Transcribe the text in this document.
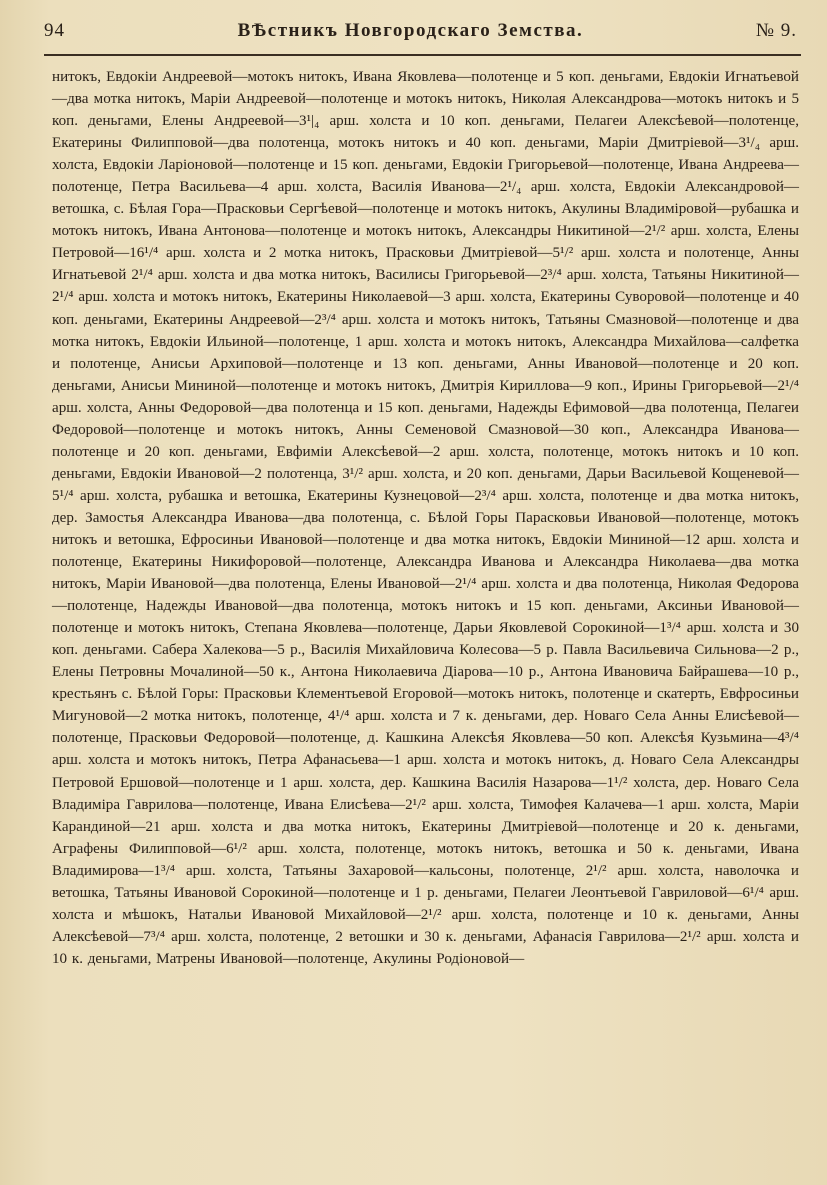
94	ВѢстникъ Новгородскаго Земства.	№ 9.

нитокъ, Евдокіи Андреевой—мотокъ нитокъ, Ивана Яковлева—полотенце и 5 коп. деньгами, Евдокіи Игнатьевой—два мотка нитокъ, Маріи Андреевой—полотенце и мотокъ нитокъ, Николая Александрова—мотокъ нитокъ и 5 коп. деньгами, Елены Андреевой—3¹|₄ арш. холста и 10 коп. деньгами, Пелагеи Алексѣевой—полотенце, Екатерины Филипповой—два полотенца, мотокъ нитокъ и 40 коп. деньгами, Маріи Дмитріевой—3¹/₄ арш. холста, Евдокіи Ларіоновой—полотенце и 15 коп. деньгами, Евдокіи Григорьевой—полотенце, Ивана Андреева—полотенце, Петра Васильева—4 арш. холста, Василія Иванова—2¹/₄ арш. холста, Евдокіи Александровой—ветошка, с. Бѣлая Гора—Прасковьи Сергѣевой—полотенце и мотокъ нитокъ, Акулины Владиміровой—рубашка и мотокъ нитокъ, Ивана Антонова—полотенце и мотокъ нитокъ, Александры Никитиной—2¹/² арш. холста, Елены Петровой—16¹/⁴ арш. холста и 2 мотка нитокъ, Прасковьи Дмитріевой—5¹/² арш. холста и полотенце, Анны Игнатьевой 2¹/⁴ арш. холста и два мотка нитокъ, Василисы Григорьевой—2³/⁴ арш. холста, Татьяны Никитиной—2¹/⁴ арш. холста и мотокъ нитокъ, Екатерины Николаевой—3 арш. холста, Екатерины Суворовой—полотенце и 40 коп. деньгами, Екатерины Андреевой—2³/⁴ арш. холста и мотокъ нитокъ, Татьяны Смазновой—полотенце и два мотка нитокъ, Евдокіи Ильиной—полотенце, 1 арш. холста и мотокъ нитокъ, Александра Михайлова—салфетка и полотенце, Анисьи Архиповой—полотенце и 13 коп. деньгами, Анны Ивановой—полотенце и 20 коп. деньгами, Анисьи Мининой—полотенце и мотокъ нитокъ, Дмитрія Кириллова—9 коп., Ирины Григорьевой—2¹/⁴ арш. холста, Анны Федоровой—два полотенца и 15 коп. деньгами, Надежды Ефимовой—два полотенца, Пелагеи Федоровой—полотенце и мотокъ нитокъ, Анны Семеновой Смазновой—30 коп., Александра Иванова—полотенце и 20 коп. деньгами, Евфиміи Алексѣевой—2 арш. холста, полотенце, мотокъ нитокъ и 10 коп. деньгами, Евдокіи Ивановой—2 полотенца, 3¹/² арш. холста, и 20 коп. деньгами, Дарьи Васильевой Кощеневой—5¹/⁴ арш. холста, рубашка и ветошка, Екатерины Кузнецовой—2³/⁴ арш. холста, полотенце и два мотка нитокъ, дер. Замостья Александра Иванова—два полотенца, с. Бѣлой Горы Парасковьи Ивановой—полотенце, мотокъ нитокъ и ветошка, Ефросиньи Ивановой—полотенце и два мотка нитокъ, Евдокіи Мининой—12 арш. холста и полотенце, Екатерины Никифоровой—полотенце, Александра Иванова и Александра Николаева—два мотка нитокъ, Маріи Ивановой—два полотенца, Елены Ивановой—2¹/⁴ арш. холста и два полотенца, Николая Федорова—полотенце, Надежды Ивановой—два полотенца, мотокъ нитокъ и 15 коп. деньгами, Аксиньи Ивановой—полотенце и мотокъ нитокъ, Степана Яковлева—полотенце, Дарьи Яковлевой Сорокиной—1³/⁴ арш. холста и 30 коп. деньгами. Сабера Халекова—5 р., Василія Михайловича Колесова—5 р. Павла Васильевича Сильнова—2 р., Елены Петровны Мочалиной—50 к., Антона Николаевича Діарова—10 р., Антона Ивановича Байрашева—10 р., крестьянъ с. Бѣлой Горы: Прасковьи Клементьевой Егоровой—мотокъ нитокъ, полотенце и скатерть, Евфросиньи Мигуновой—2 мотка нитокъ, полотенце, 4¹/⁴ арш. холста и 7 к. деньгами, дер. Новаго Села Анны Елисѣевой—полотенце, Прасковьи Федоровой—полотенце, д. Кашкина Алексѣя Яковлева—50 коп. Алексѣя Кузьмина—4³/⁴ арш. холста и мотокъ нитокъ, Петра Афанасьева—1 арш. холста и мотокъ нитокъ, д. Новаго Села Александры Петровой Ершовой—полотенце и 1 арш. холста, дер. Кашкина Василія Назарова—1¹/² холста, дер. Новаго Села Владиміра Гаврилова—полотенце, Ивана Елисѣева—2¹/² арш. холста, Тимофея Калачева—1 арш. холста, Маріи Карандиной—21 арш. холста и два мотка нитокъ, Екатерины Дмитріевой—полотенце и 20 к. деньгами, Аграфены Филипповой—6¹/² арш. холста, полотенце, мотокъ нитокъ, ветошка и 50 к. деньгами, Ивана Владимирова—1³/⁴ арш. холста, Татьяны Захаровой—кальсоны, полотенце, 2¹/² арш. холста, наволочка и ветошка, Татьяны Ивановой Сорокиной—полотенце и 1 р. деньгами, Пелагеи Леонтьевой Гавриловой—6¹/⁴ арш. холста и мѣшокъ, Натальи Ивановой Михайловой—2¹/² арш. холста, полотенце и 10 к. деньгами, Анны Алексѣевой—7³/⁴ арш. холста, полотенце, 2 ветошки и 30 к. деньгами, Афанасія Гаврилова—2¹/² арш. холста и 10 к. деньгами, Матрены Ивановой—полотенце, Акулины Родіоновой—
